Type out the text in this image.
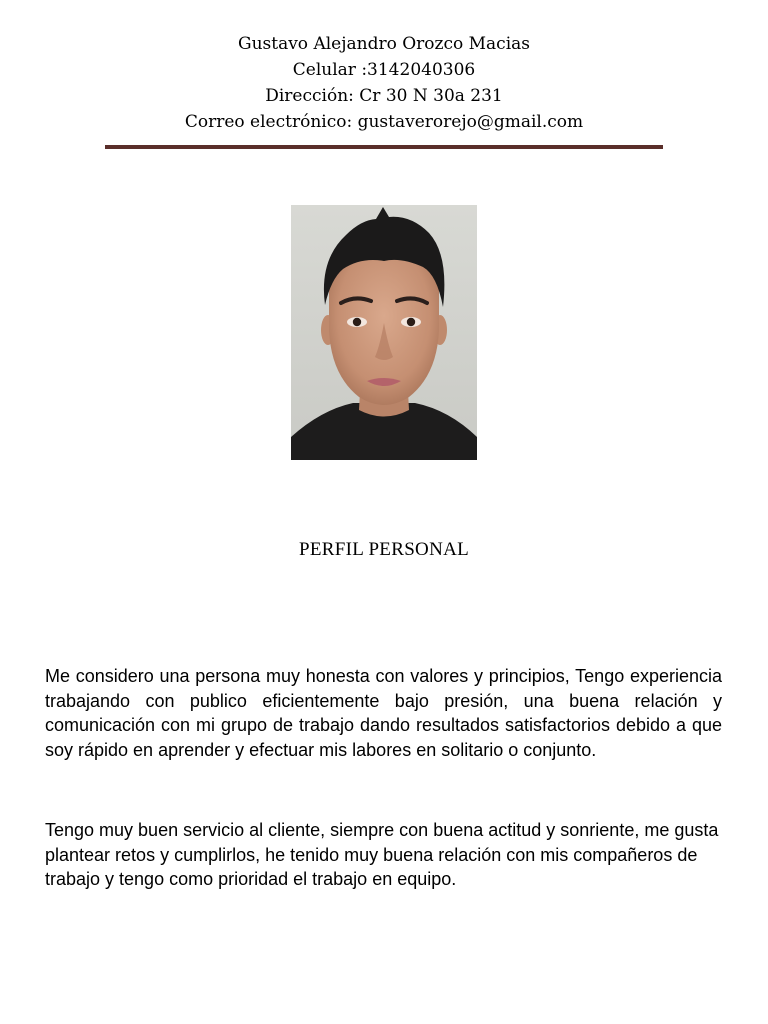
Gustavo Alejandro Orozco Macias
Celular :3142040306
Dirección: Cr 30 N 30a 231
Correo electrónico: gustaverorejo@gmail.com
PERFIL PERSONAL

Me considero una persona muy honesta con valores y principios, Tengo experiencia trabajando con publico eficientemente bajo presión, una buena relación y comunicación con mi grupo de trabajo dando resultados satisfactorios debido a que soy rápido en aprender y efectuar mis labores en solitario o conjunto.

Tengo muy buen servicio al cliente, siempre con buena actitud y sonriente, me gusta plantear retos y cumplirlos, he tenido muy buena relación con mis compañeros de trabajo y tengo como prioridad el trabajo en equipo.
